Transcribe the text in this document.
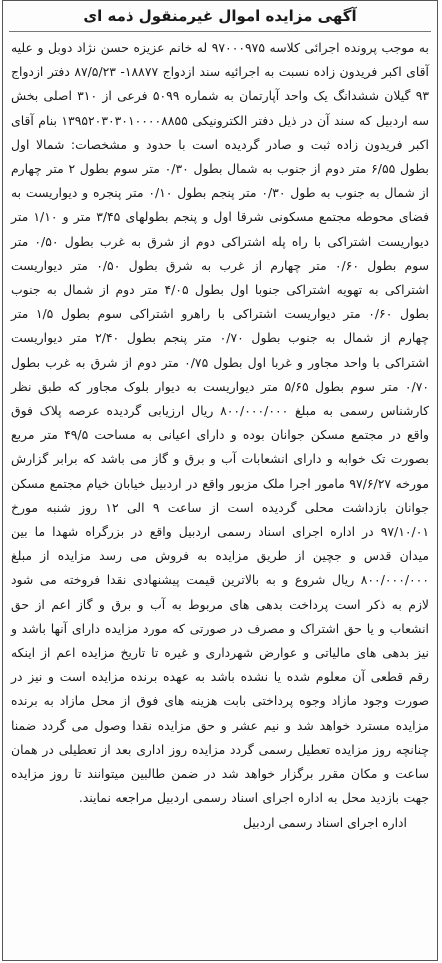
آگهی مزایده اموال غیرمنقول ذمه ای

به موجب پرونده اجرائی کلاسه ۹۷۰۰۰۹۷۵ له خانم عزیزه حسن نژاد دوبل و علیه آقای اکبر فریدون زاده نسبت به اجرائیه سند ازدواج ۱۸۸۷۷- ۸۷/۵/۲۳ دفتر ازدواج ۹۳ گیلان ششدانگ یک واحد آپارتمان به شماره ۵۰۹۹ فرعی از ۳۱۰ اصلی بخش سه اردبیل که سند آن در ذیل دفتر الکترونیکی ۱۳۹۵۲۰۳۰۳۰۱۰۰۰۰۸۸۵۵ بنام آقای اکبر فریدون زاده ثبت و صادر گردیده است با حدود و مشخصات: شمالا اول بطول ۶/۵۵ متر دوم از جنوب به شمال بطول ۰/۳۰ متر سوم بطول ۲ متر چهارم از شمال به جنوب به طول ۰/۳۰ متر پنجم بطول ۰/۱۰ متر پنجره و دیواریست به فضای محوطه مجتمع مسکونی شرقا اول و پنجم بطولهای ۳/۴۵ متر و ۱/۱۰ متر دیواریست اشتراکی با راه پله اشتراکی دوم از شرق به غرب بطول ۰/۵۰ متر سوم بطول ۰/۶۰ متر چهارم از غرب به شرق بطول ۰/۵۰ متر دیواریست اشتراکی به تهویه اشتراکی جنوبا اول بطول ۴/۰۵ متر دوم از شمال به جنوب بطول ۰/۶۰ متر دیواریست اشتراکی با راهرو اشتراکی سوم بطول ۱/۵ متر چهارم از شمال به جنوب بطول ۰/۷۰ متر پنجم بطول ۲/۴۰ متر دیواریست اشتراکی با واحد مجاور و غربا اول بطول ۰/۷۵ متر دوم از شرق به غرب بطول ۰/۷۰ متر سوم بطول ۵/۶۵ متر دیواریست به دیوار بلوک مجاور که طبق نظر کارشناس رسمی به مبلغ ۸۰۰/۰۰۰/۰۰۰ ریال ارزیابی گردیده عرصه پلاک فوق واقع در مجتمع مسکن جوانان بوده و دارای اعیانی به مساحت ۴۹/۵ متر مربع بصورت تک خوابه و دارای انشعابات آب و برق و گاز می باشد که برابر گزارش مورخه ۹۷/۶/۲۷ مامور اجرا ملک مزبور واقع در اردبیل خیابان خیام مجتمع مسکن جوانان بازداشت محلی گردیده است از ساعت ۹ الی ۱۲ روز شنبه مورخ ۹۷/۱۰/۰۱ در اداره اجرای اسناد رسمی اردبیل واقع در بزرگراه شهدا ما بین میدان قدس و جچین از طریق مزایده به فروش می رسد مزایده از مبلغ ۸۰۰/۰۰۰/۰۰۰ ریال شروع و به بالاترین قیمت پیشنهادی نقدا فروخته می شود لازم به ذکر است پرداخت بدهی های مربوط به آب و برق و گاز اعم از حق انشعاب و یا حق اشتراک و مصرف در صورتی که مورد مزایده دارای آنها باشد و نیز بدهی های مالیاتی و عوارض شهرداری و غیره تا تاریخ مزایده اعم از اینکه رقم قطعی آن معلوم شده یا نشده باشد به عهده برنده مزایده است و نیز در صورت وجود مازاد وجوه پرداختی بابت هزینه های فوق از محل مازاد به برنده مزایده مسترد خواهد شد و نیم عشر و حق مزایده نقدا وصول می گردد ضمنا چنانچه روز مزایده تعطیل رسمی گردد مزایده روز اداری بعد از تعطیلی در همان ساعت و مکان مقرر برگزار خواهد شد در ضمن طالبین میتوانند تا روز مزایده جهت بازدید محل به اداره اجرای اسناد رسمی اردبیل مراجعه نمایند.

اداره اجرای اسناد رسمی اردبیل
